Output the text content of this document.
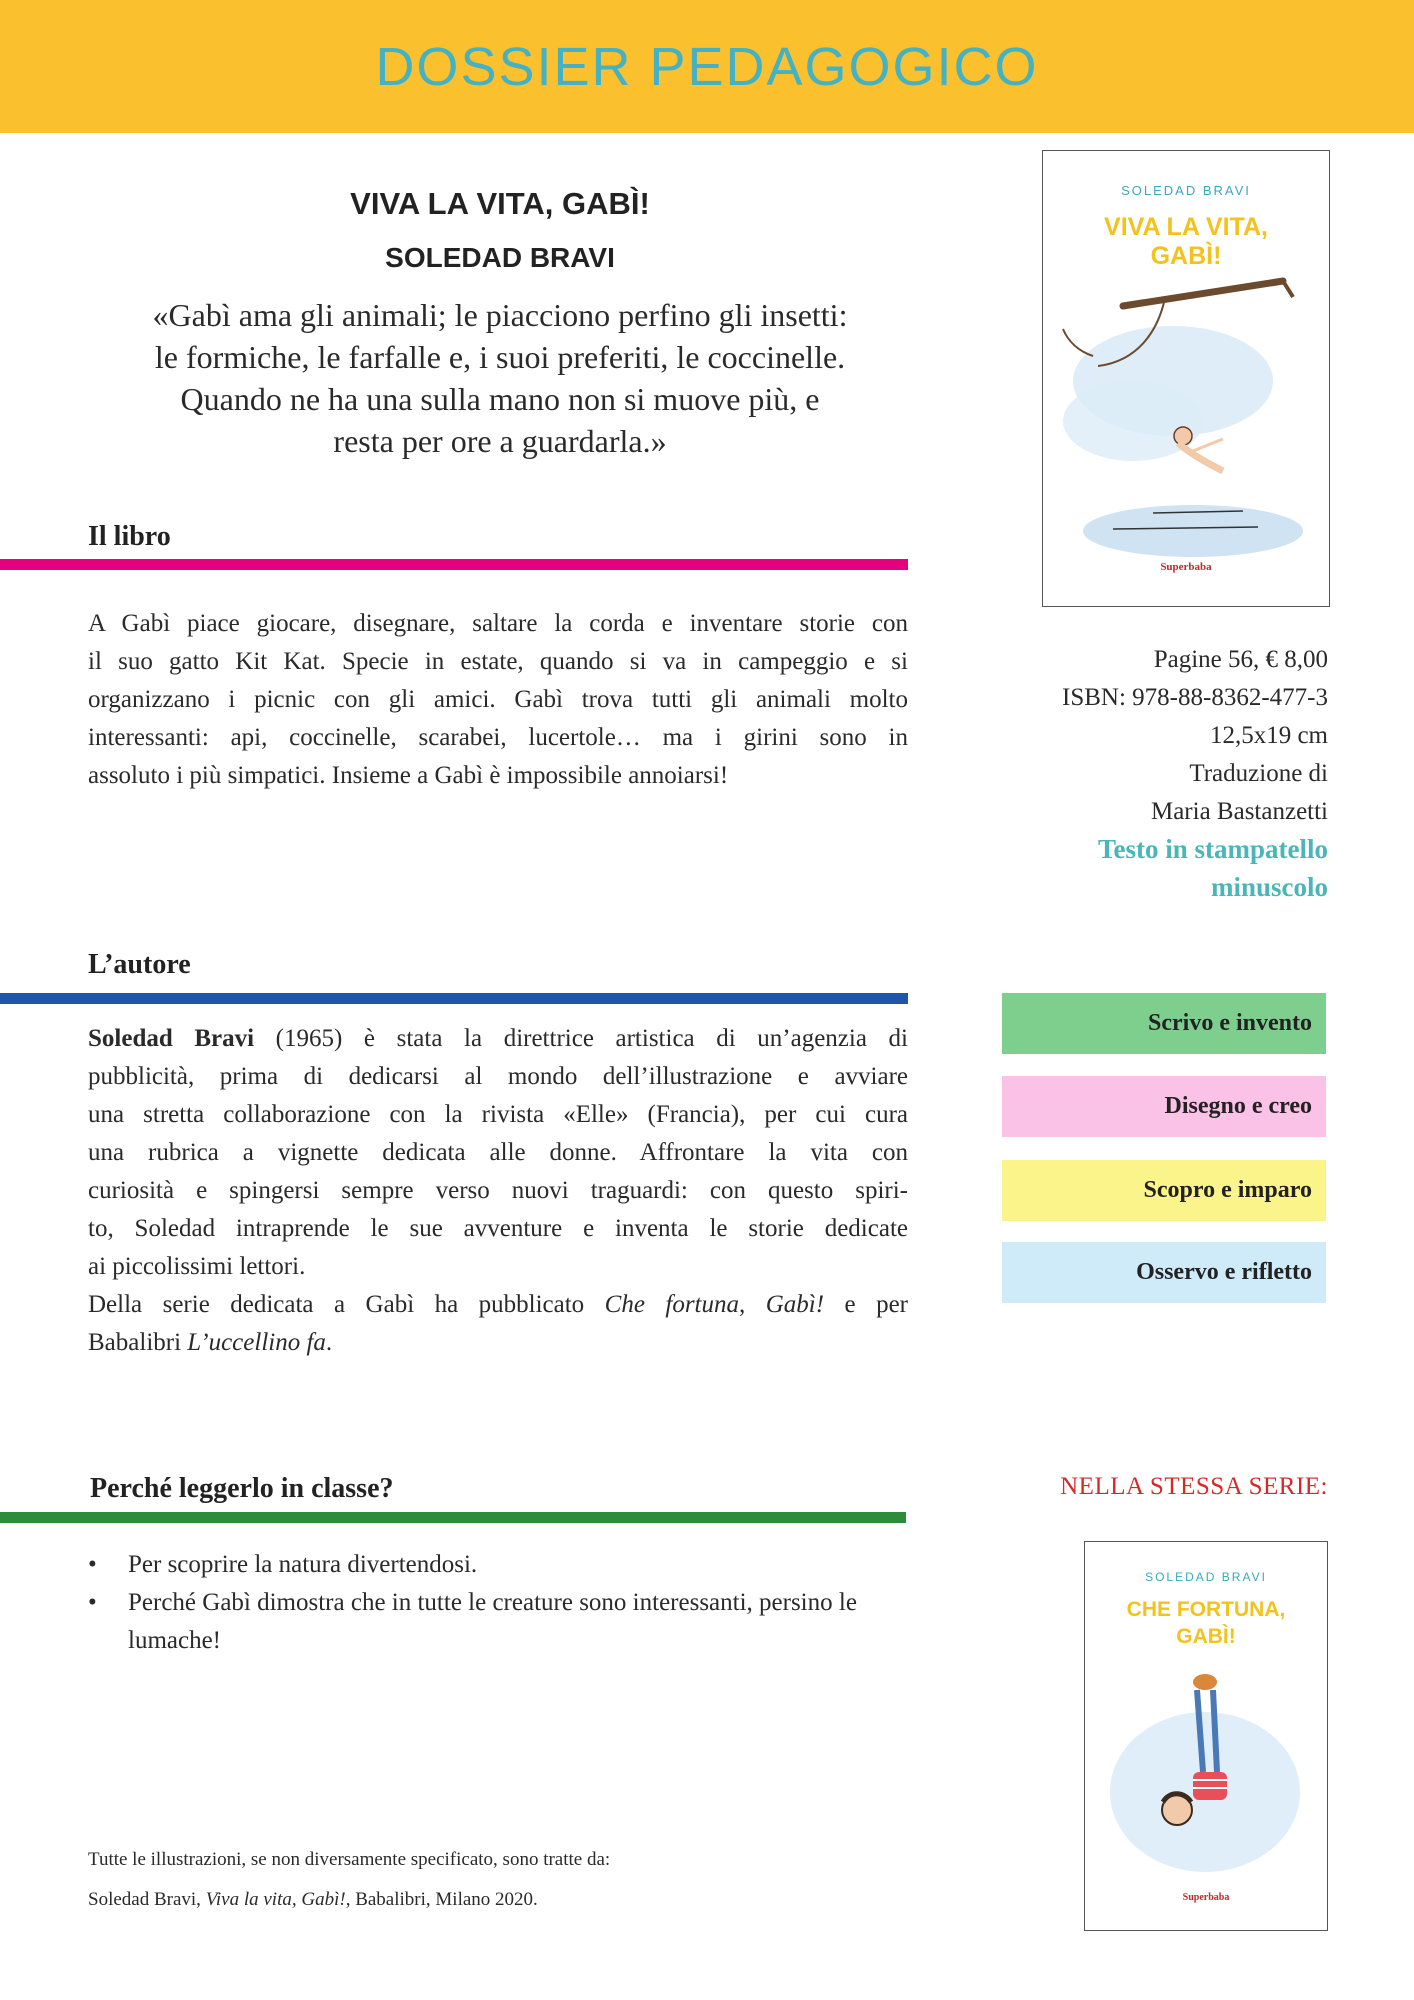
DOSSIER PEDAGOGICO
VIVA LA VITA, GABÌ!
SOLEDAD BRAVI
«Gabì ama gli animali; le piacciono perfino gli insetti:
le formiche, le farfalle e, i suoi preferiti, le coccinelle.
Quando ne ha una sulla mano non si muove più, e
resta per ore a guardarla.»
Il libro
A Gabì piace giocare, disegnare, saltare la corda e inventare storie con
il suo gatto Kit Kat. Specie in estate, quando si va in campeggio e si
organizzano i picnic con gli amici. Gabì trova tutti gli animali molto
interessanti: api, coccinelle, scarabei, lucertole… ma i girini sono in
assoluto i più simpatici. Insieme a Gabì è impossibile annoiarsi!
L’autore
Soledad Bravi (1965) è stata la direttrice artistica di un’agenzia di
pubblicità, prima di dedicarsi al mondo dell’illustrazione e avviare
una stretta collaborazione con la rivista «Elle» (Francia), per cui cura
una rubrica a vignette dedicata alle donne. Affrontare la vita con
curiosità e spingersi sempre verso nuovi traguardi: con questo spiri-
to, Soledad intraprende le sue avventure e inventa le storie dedicate
ai piccolissimi lettori.
Della serie dedicata a Gabì ha pubblicato Che fortuna, Gabì! e per
Babalibri L’uccellino fa.
Perché leggerlo in classe?
• Per scoprire la natura divertendosi.
• Perché Gabì dimostra che in tutte le creature sono interessanti, persino le lumache!
Tutte le illustrazioni, se non diversamente specificato, sono tratte da:
Soledad Bravi, Viva la vita, Gabì!, Babalibri, Milano 2020.
SOLEDAD BRAVI
VIVA LA VITA,
GABÌ!
Superbaba
Pagine 56, € 8,00
ISBN: 978-88-8362-477-3
12,5x19 cm
Traduzione di
Maria Bastanzetti
Testo in stampatello
minuscolo
Scrivo e invento
Disegno e creo
Scopro e imparo
Osservo e rifletto
NELLA STESSA SERIE:
SOLEDAD BRAVI
CHE FORTUNA,
GABÌ!
Superbaba
